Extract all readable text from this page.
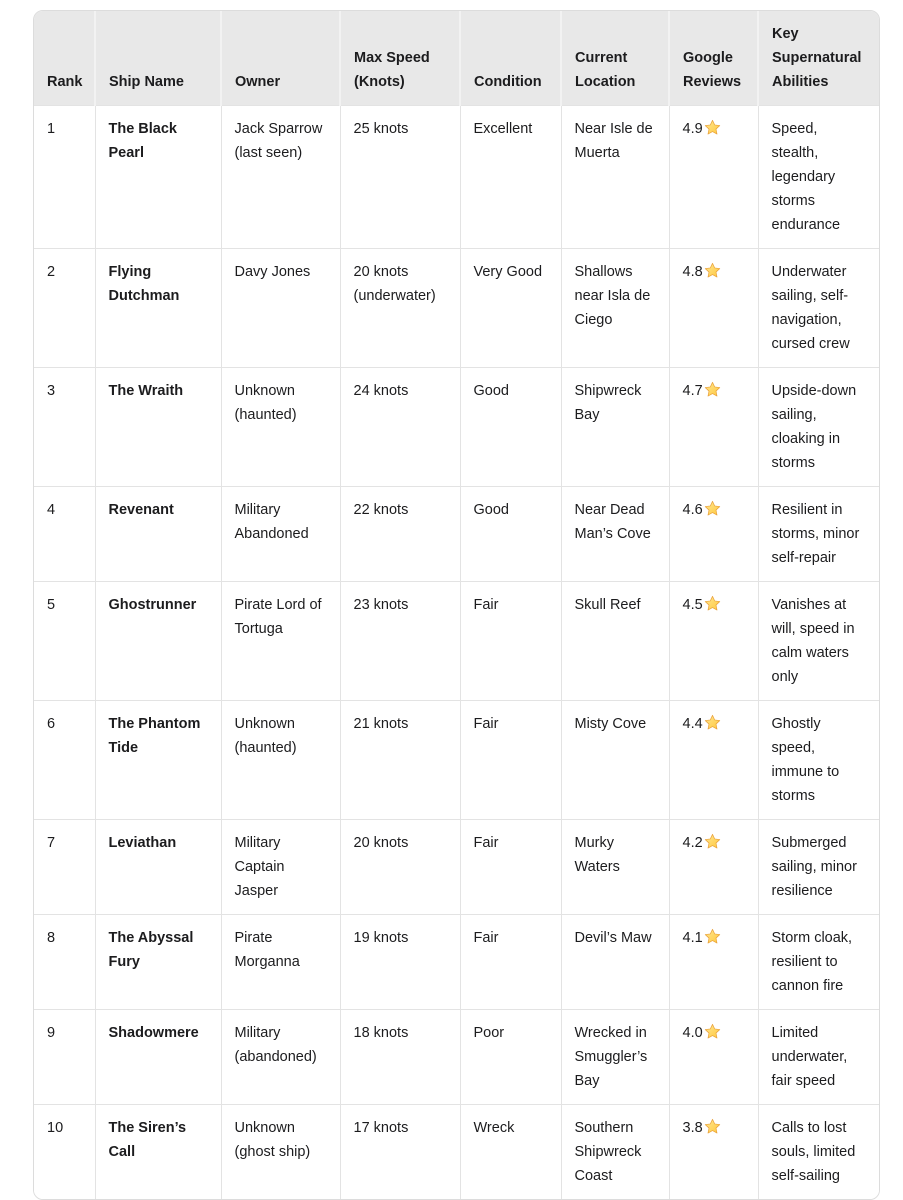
Rank	Ship Name	Owner	Max Speed (Knots)	Condition	Current Location	Google Reviews	Key Supernatural Abilities
1	The Black Pearl	Jack Sparrow (last seen)	25 knots	Excellent	Near Isle de Muerta	4.9	Speed, stealth, legendary storms endurance
2	Flying Dutchman	Davy Jones	20 knots (underwater)	Very Good	Shallows near Isla de Ciego	4.8	Underwater sailing, self-navigation, cursed crew
3	The Wraith	Unknown (haunted)	24 knots	Good	Shipwreck Bay	4.7	Upside-down sailing, cloaking in storms
4	Revenant	Military Abandoned	22 knots	Good	Near Dead Man’s Cove	4.6	Resilient in storms, minor self-repair
5	Ghostrunner	Pirate Lord of Tortuga	23 knots	Fair	Skull Reef	4.5	Vanishes at will, speed in calm waters only
6	The Phantom Tide	Unknown (haunted)	21 knots	Fair	Misty Cove	4.4	Ghostly speed, immune to storms
7	Leviathan	Military Captain Jasper	20 knots	Fair	Murky Waters	4.2	Submerged sailing, minor resilience
8	The Abyssal Fury	Pirate Morganna	19 knots	Fair	Devil’s Maw	4.1	Storm cloak, resilient to cannon fire
9	Shadowmere	Military (abandoned)	18 knots	Poor	Wrecked in Smuggler’s Bay	4.0	Limited underwater, fair speed
10	The Siren’s Call	Unknown (ghost ship)	17 knots	Wreck	Southern Shipwreck Coast	3.8	Calls to lost souls, limited self-sailing
